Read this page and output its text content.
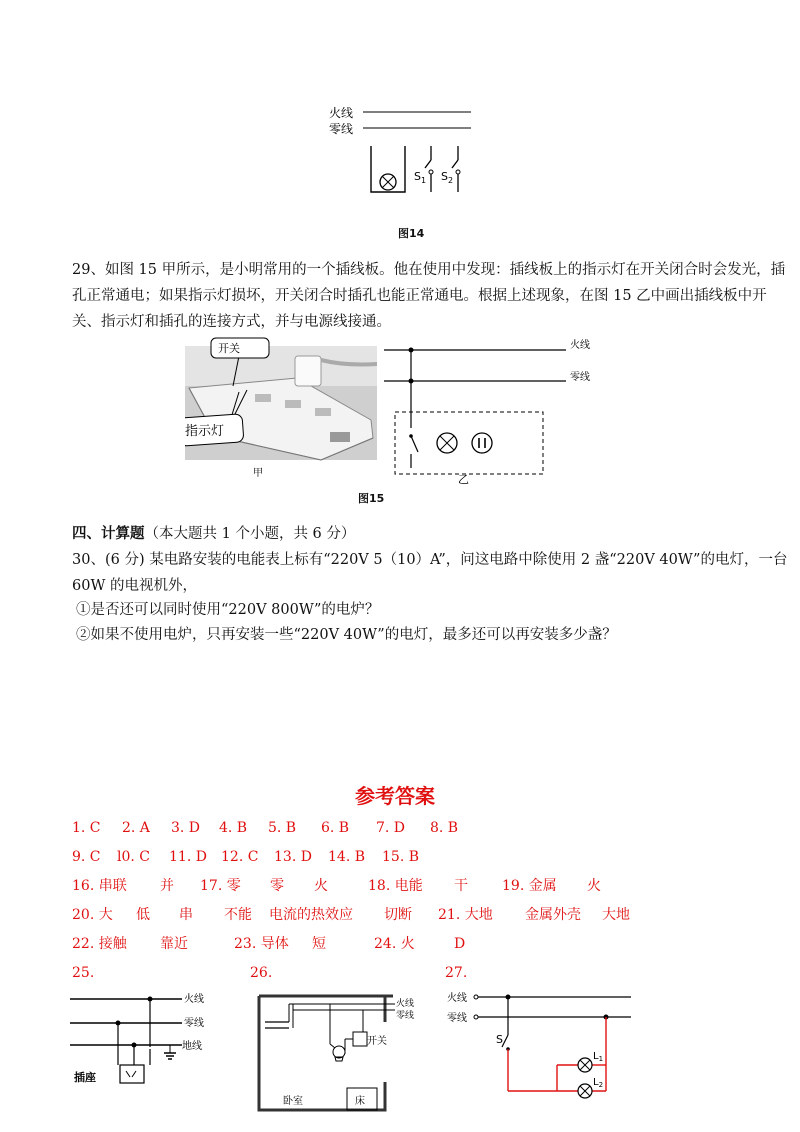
火线
零线
$S_1$ $S_2$
图14
29、如图 15 甲所示，是小明常用的一个插线板。他在使用中发现：插线板上的指示灯在开关闭合时会发光，插
孔正常通电；如果指示灯损坏，开关闭合时插孔也能正常通电。根据上述现象，在图 15 乙中画出插线板中开
关、指示灯和插孔的连接方式，并与电源线接通。
开关
指示灯
甲
火线
零线
乙
图15
四、计算题（本大题共 1 个小题，共 6 分）
30、(6 分) 某电路安装的电能表上标有“220V 5（10）A”，问这电路中除使用 2 盏“220V 40W”的电灯，一台
60W 的电视机外，
①是否还可以同时使用“220V 800W”的电炉？
②如果不使用电炉，只再安装一些“220V 40W”的电灯，最多还可以再安装多少盏？
参考答案
1. C 2. A 3. D 4. B 5. B 6. B 7. D 8. B
9. C l0. C 11. D 12. C 13. D 14. B 15. B
16. 串联 并 17. 零 零 火	18. 电能 干 19. 金属 火
20. 大 低 串 不能 电流的热效应 切断 21. 大地 金属外壳 大地
22. 接触 靠近	23. 导体 短	24. 火	D
25.	26.	27.
火线
零线
地线
插座
火线
零线
开关
卧室	床
火线
零线
S
$L_1$
$L_2$
